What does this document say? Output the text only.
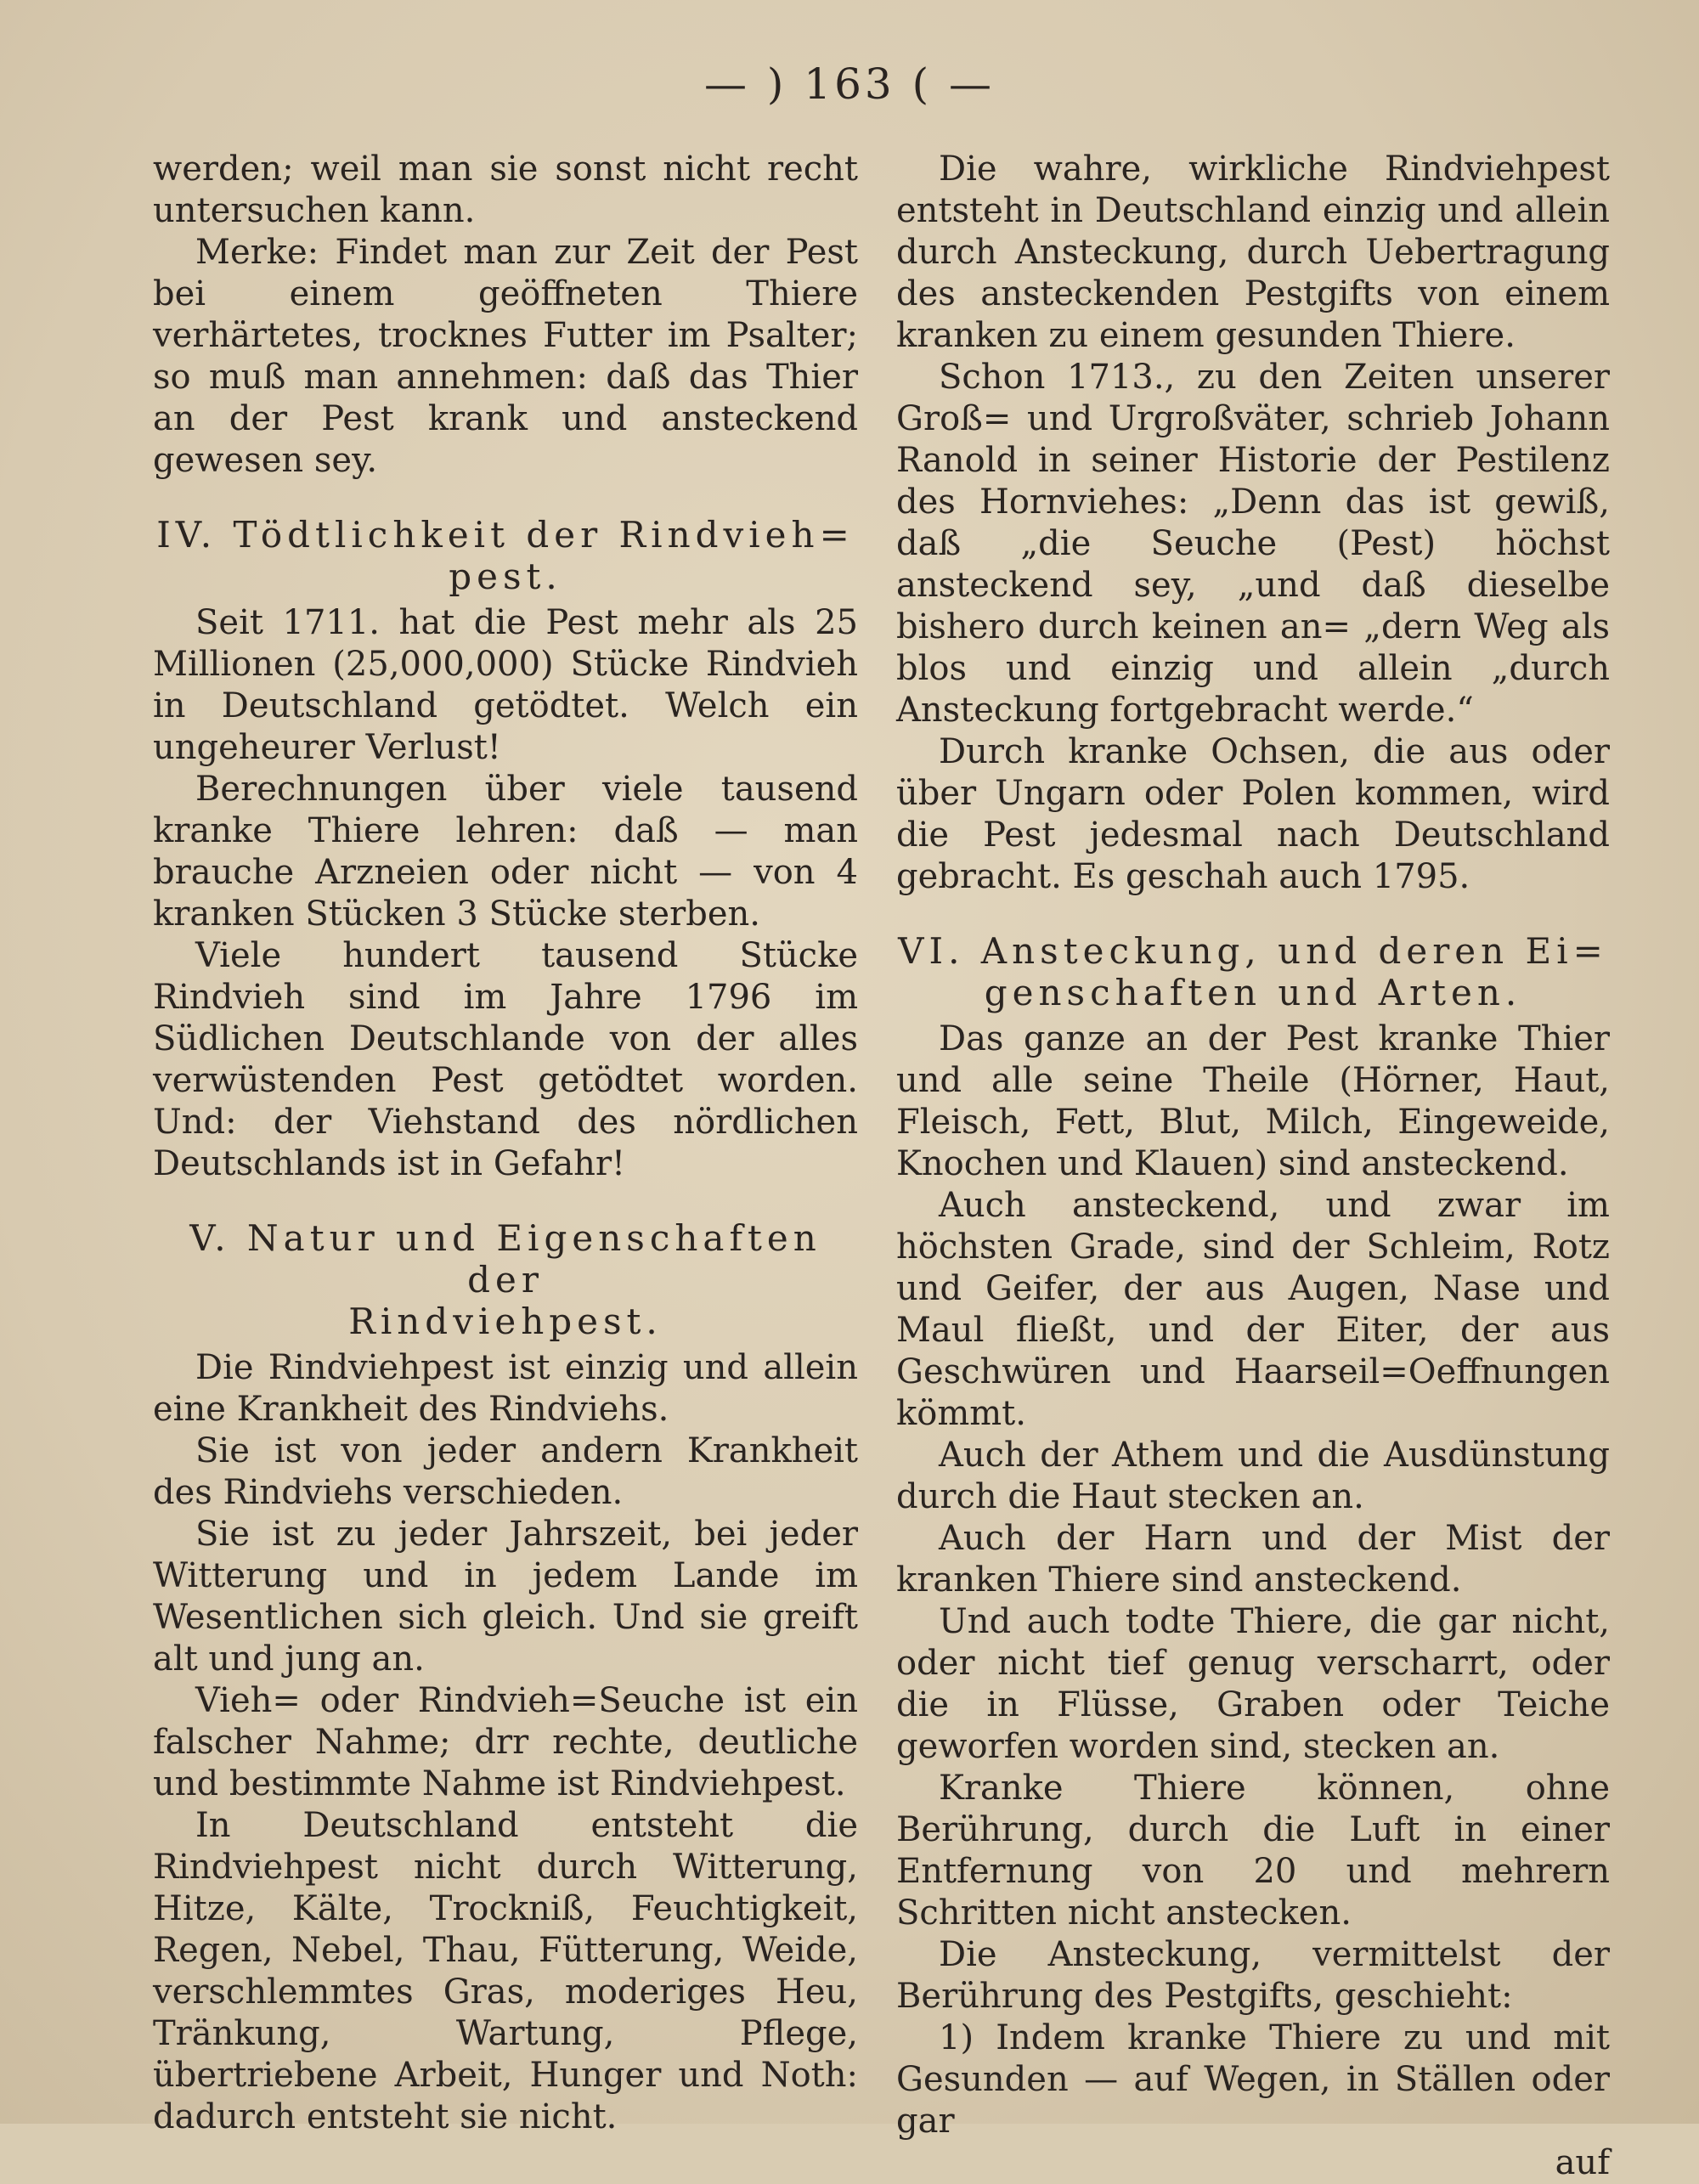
— ) 163 ( —

werden; weil man sie sonst nicht recht untersuchen kann.

Merke: Findet man zur Zeit der Pest bei einem geöffneten Thiere verhärtetes, trocknes Futter im Psalter; so muß man annehmen: daß das Thier an der Pest krank und ansteckend gewesen sey.

IV. Tödtlichkeit der Rindvieh=
pest.

Seit 1711. hat die Pest mehr als 25 Millionen (25,000,000) Stücke Rindvieh in Deutschland getödtet. Welch ein ungeheurer Verlust!

Berechnungen über viele tausend kranke Thiere lehren: daß — man brauche Arzneien oder nicht — von 4 kranken Stücken 3 Stücke sterben.

Viele hundert tausend Stücke Rindvieh sind im Jahre 1796 im Südlichen Deutschlande von der alles verwüstenden Pest getödtet worden. Und: der Viehstand des nördlichen Deutschlands ist in Gefahr!

V. Natur und Eigenschaften der
Rindviehpest.

Die Rindviehpest ist einzig und allein eine Krankheit des Rindviehs.

Sie ist von jeder andern Krankheit des Rindviehs verschieden.

Sie ist zu jeder Jahrszeit, bei jeder Witterung und in jedem Lande im Wesentlichen sich gleich. Und sie greift alt und jung an.

Vieh= oder Rindvieh=Seuche ist ein falscher Nahme; drr rechte, deutliche und bestimmte Nahme ist Rindviehpest.

In Deutschland entsteht die Rindviehpest nicht durch Witterung, Hitze, Kälte, Trockniß, Feuchtigkeit, Regen, Nebel, Thau, Fütterung, Weide, verschlemmtes Gras, moderiges Heu, Tränkung, Wartung, Pflege, übertriebene Arbeit, Hunger und Noth: dadurch entsteht sie nicht.

Die wahre, wirkliche Rindviehpest entsteht in Deutschland einzig und allein durch Ansteckung, durch Uebertragung des ansteckenden Pestgifts von einem kranken zu einem gesunden Thiere.

Schon 1713., zu den Zeiten unserer Groß= und Urgroßväter, schrieb Johann Ranold in seiner Historie der Pestilenz des Hornviehes: „Denn das ist gewiß, daß „die Seuche (Pest) höchst ansteckend sey, „und daß dieselbe bishero durch keinen an= „dern Weg als blos und einzig und allein „durch Ansteckung fortgebracht werde.“

Durch kranke Ochsen, die aus oder über Ungarn oder Polen kommen, wird die Pest jedesmal nach Deutschland gebracht. Es geschah auch 1795.

VI. Ansteckung, und deren Ei=
genschaften und Arten.

Das ganze an der Pest kranke Thier und alle seine Theile (Hörner, Haut, Fleisch, Fett, Blut, Milch, Eingeweide, Knochen und Klauen) sind ansteckend.

Auch ansteckend, und zwar im höchsten Grade, sind der Schleim, Rotz und Geifer, der aus Augen, Nase und Maul fließt, und der Eiter, der aus Geschwüren und Haarseil=Oeffnungen kömmt.

Auch der Athem und die Ausdünstung durch die Haut stecken an.

Auch der Harn und der Mist der kranken Thiere sind ansteckend.

Und auch todte Thiere, die gar nicht, oder nicht tief genug verscharrt, oder die in Flüsse, Graben oder Teiche geworfen worden sind, stecken an.

Kranke Thiere können, ohne Berührung, durch die Luft in einer Entfernung von 20 und mehrern Schritten nicht anstecken.

Die Ansteckung, vermittelst der Berührung des Pestgifts, geschieht:

1) Indem kranke Thiere zu und mit Gesunden — auf Wegen, in Ställen oder gar

auf
